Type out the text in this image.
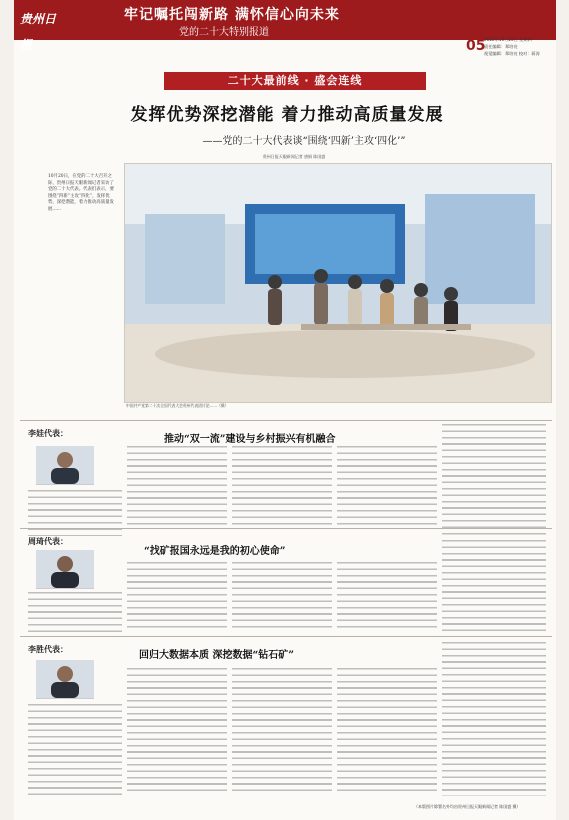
贵州日报
牢记嘱托闯新路 满怀信心向未来
党的二十大特别报道
05
2022年10月20日 星期四
责任编辑：郑培亮
视觉编辑：郑培亮 校对：蒋涛
二十大最前线 · 盛会连线
发挥优势深挖潜能 着力推动高质量发展
——党的二十大代表谈“围绕‘四新’主攻‘四化’”
贵州日报天眼新闻记者 唐娟 陈国盛
10月20日，在党的二十大召开之际，贵州日报天眼新闻记者采访了党的二十大代表。代表们表示，要围绕“四新”主攻“四化”，发挥优势，深挖潜能，着力推动高质量发展……
中国共产党第二十次全国代表大会贵州代表团讨论……（摄）
李娃代表：
推动“双一流”建设与乡村振兴有机融合
周琦代表：
“找矿报国永远是我的初心使命”
李胜代表：
回归大数据本质 深挖数据“钻石矿”
（本版图片除署名外均由贵州日报天眼新闻记者 陈国盛 摄）
